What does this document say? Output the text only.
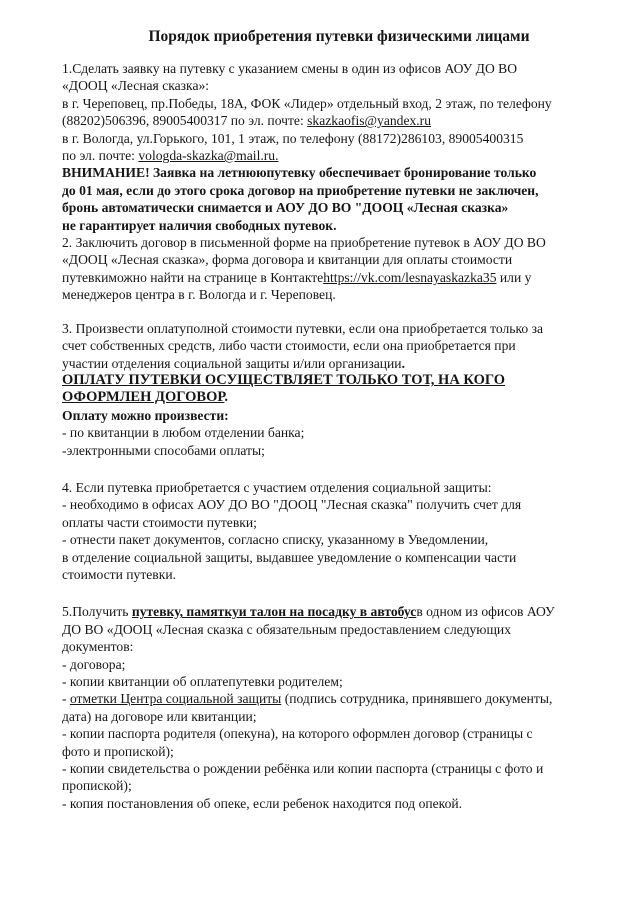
Порядок приобретения путевки физическими лицами
1.Сделать заявку на путевку с указанием смены в один из офисов АОУ ДО ВО
«ДООЦ «Лесная сказка»:
в г. Череповец, пр.Победы, 18А, ФОК «Лидер» отдельный вход, 2 этаж, по телефону
(88202)506396, 89005400317 по эл. почте: skazkaofis@yandex.ru
в г. Вологда, ул.Горького, 101, 1 этаж, по телефону (88172)286103, 89005400315
по эл. почте: vologda-skazka@mail.ru.
ВНИМАНИЕ! Заявка на летнююпутевку обеспечивает бронирование только
до 01 мая, если до этого срока договор на приобретение путевки не заключен,
бронь автоматически снимается и АОУ ДО ВО "ДООЦ «Лесная сказка»
не гарантирует наличия свободных путевок.
2. Заключить договор в письменной форме на приобретение путевок в АОУ ДО ВО
«ДООЦ «Лесная сказка», форма договора и квитанции для оплаты стоимости
путевкиможно найти на странице в Контактеhttps://vk.com/lesnayaskazka35 или у
менеджеров центра в г. Вологда и г. Череповец.
3. Произвести оплатуполной стоимости путевки, если она приобретается только за
счет собственных средств, либо части стоимости, если она приобретается при
участии отделения социальной защиты и/или организации.
ОПЛАТУ ПУТЕВКИ ОСУЩЕСТВЛЯЕТ ТОЛЬКО ТОТ, НА КОГО
ОФОРМЛЕН ДОГОВОР.
Оплату можно произвести:
- по квитанции в любом отделении банка;
-электронными способами оплаты;
4. Если путевка приобретается с участием отделения социальной защиты:
- необходимо в офисах АОУ ДО ВО "ДООЦ "Лесная сказка" получить счет для
оплаты части стоимости путевки;
- отнести пакет документов, согласно списку, указанному в Уведомлении,
в отделение социальной защиты, выдавшее уведомление о компенсации части
стоимости путевки.
5.Получить путевку, памяткуи талон на посадку в автобусв одном из офисов АОУ
ДО ВО «ДООЦ «Лесная сказка с обязательным предоставлением следующих
документов:
- договора;
- копии квитанции об оплатепутевки родителем;
- отметки Центра социальной защиты (подпись сотрудника, принявшего документы,
дата) на договоре или квитанции;
- копии паспорта родителя (опекуна), на которого оформлен договор (страницы с
фото и пропиской);
- копии свидетельства о рождении ребёнка или копии паспорта (страницы с фото и
пропиской);
- копия постановления об опеке, если ребенок находится под опекой.
